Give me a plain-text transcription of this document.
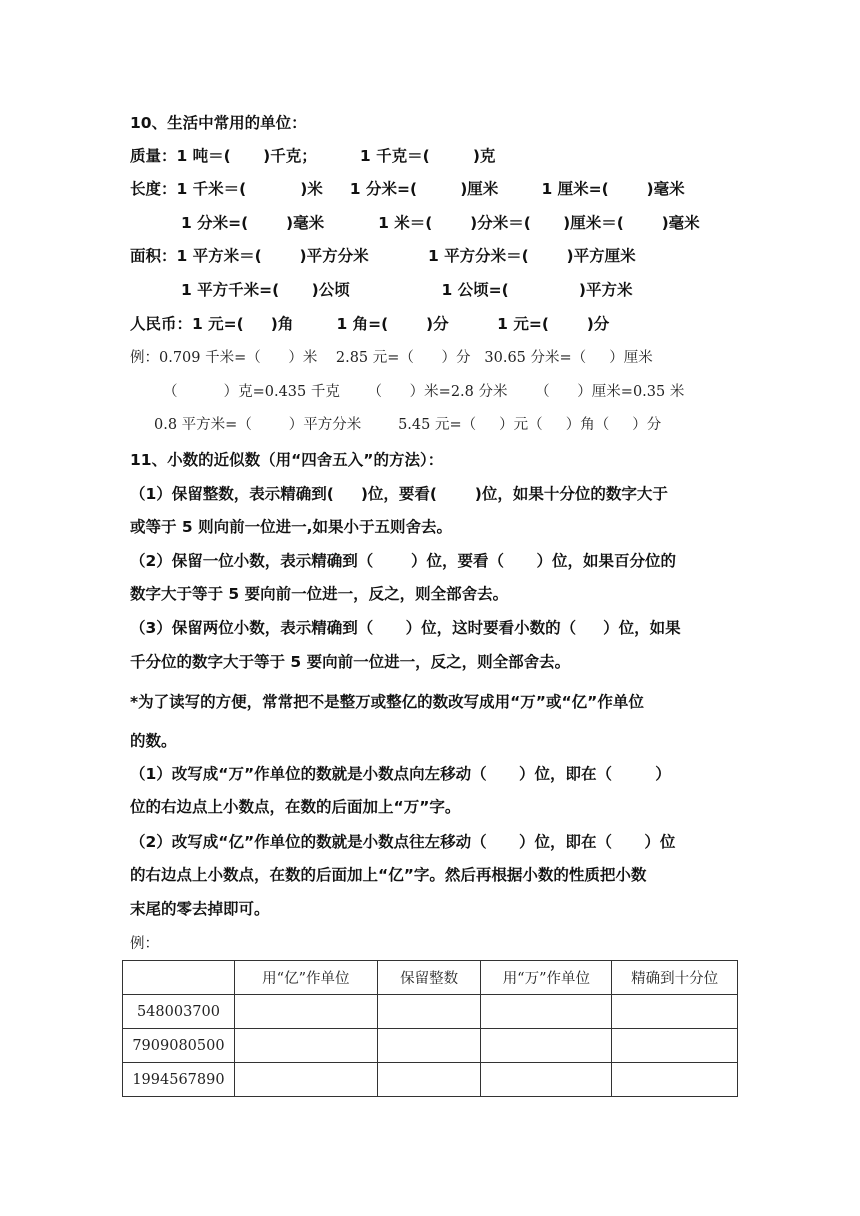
10、生活中常用的单位：
质量：1 吨＝(      )千克；        1 千克＝(        )克
长度：1 千米＝(          )米     1 分米=(        )厘米        1 厘米=(       )毫米
1 分米=(       )毫米          1 米＝(       )分米＝(      )厘米＝(       )毫米
面积：1 平方米＝(       )平方分米           1 平方分米＝(       )平方厘米
1 平方千米=(      )公顷                 1 公顷=(             )平方米
人民币：1 元=(     )角        1 角=(       )分         1 元=(       )分
例：0.709 千米=（      ）米    2.85 元=（      ）分   30.65 分米=（     ）厘米
（          ）克=0.435 千克      （      ）米=2.8 分米      （      ）厘米=0.35 米
0.8 平方米=（        ）平方分米        5.45 元=（     ）元（     ）角（     ）分
11、小数的近似数（用“四舍五入”的方法）：
（1）保留整数，表示精确到(     )位，要看(       )位，如果十分位的数字大于
或等于 5 则向前一位进一,如果小于五则舍去。
（2）保留一位小数，表示精确到（       ）位，要看（      ）位，如果百分位的
数字大于等于 5 要向前一位进一，反之，则全部舍去。
（3）保留两位小数，表示精确到（      ）位，这时要看小数的（     ）位，如果
千分位的数字大于等于 5 要向前一位进一，反之，则全部舍去。
*为了读写的方便，常常把不是整万或整亿的数改写成用“万”或“亿”作单位
的数。
（1）改写成“万”作单位的数就是小数点向左移动（      ）位，即在（        ）
位的右边点上小数点，在数的后面加上“万”字。
（2）改写成“亿”作单位的数就是小数点往左移动（      ）位，即在（      ）位
的右边点上小数点，在数的后面加上“亿”字。然后再根据小数的性质把小数
末尾的零去掉即可。
例：
	用“亿”作单位	保留整数	用“万”作单位	精确到十分位
548003700				
7909080500				
1994567890				
